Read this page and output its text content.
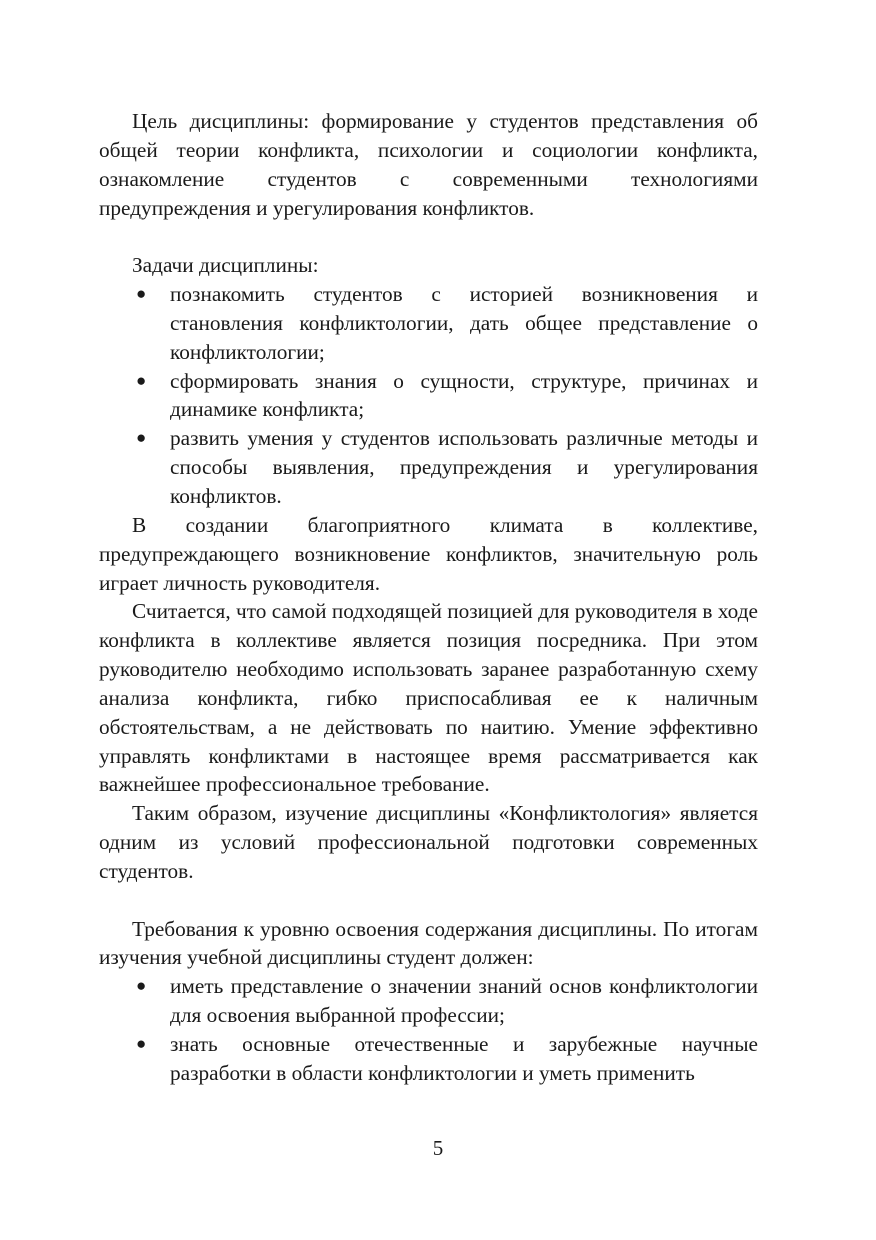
Цель дисциплины: формирование у студентов представления об общей теории конфликта, психологии и социологии конфликта, ознакомление студентов с современными технологиями предупреждения и урегулирования конфликтов.

Задачи дисциплины:

● познакомить студентов с историей возникновения и становления конфликтологии, дать общее представление о конфликтологии;
● сформировать знания о сущности, структуре, причинах и динамике конфликта;
● развить умения у студентов использовать различные методы и способы выявления, предупреждения и урегулирования конфликтов.

В создании благоприятного климата в коллективе, предупреждающего возникновение конфликтов, значительную роль играет личность руководителя.

Считается, что самой подходящей позицией для руководителя в ходе конфликта в коллективе является позиция посредника. При этом руководителю необходимо использовать заранее разработанную схему анализа конфликта, гибко приспосабливая ее к наличным обстоятельствам, а не действовать по наитию. Умение эффективно управлять конфликтами в настоящее время рассматривается как важнейшее профессиональное требование.

Таким образом, изучение дисциплины «Конфликтология» является одним из условий профессиональной подготовки современных студентов.

Требования к уровню освоения содержания дисциплины. По итогам изучения учебной дисциплины студент должен:

● иметь представление о значении знаний основ конфликтологии для освоения выбранной профессии;
● знать основные отечественные и зарубежные научные разработки в области конфликтологии и уметь применить
5
